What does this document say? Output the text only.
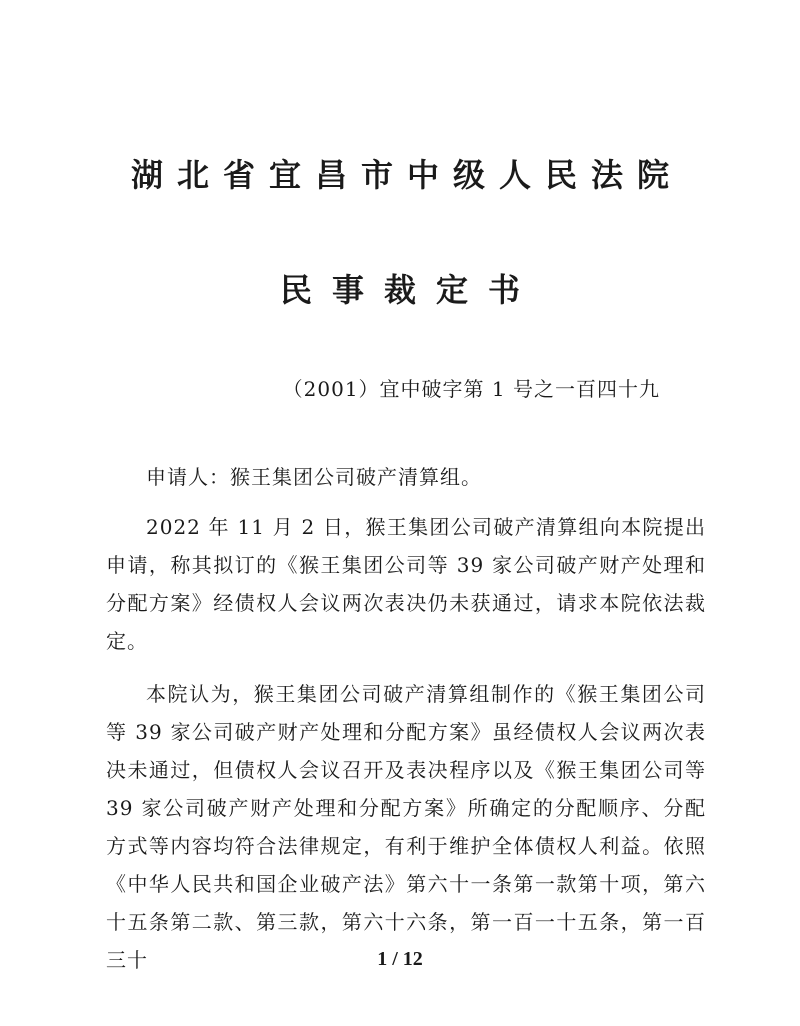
湖北省宜昌市中级人民法院
民事裁定书
（2001）宜中破字第 1 号之一百四十九

申请人：猴王集团公司破产清算组。

2022 年 11 月 2 日，猴王集团公司破产清算组向本院提出申请，称其拟订的《猴王集团公司等 39 家公司破产财产处理和分配方案》经债权人会议两次表决仍未获通过，请求本院依法裁定。

本院认为，猴王集团公司破产清算组制作的《猴王集团公司等 39 家公司破产财产处理和分配方案》虽经债权人会议两次表决未通过，但债权人会议召开及表决程序以及《猴王集团公司等 39 家公司破产财产处理和分配方案》所确定的分配顺序、分配方式等内容均符合法律规定，有利于维护全体债权人利益。依照《中华人民共和国企业破产法》第六十一条第一款第十项，第六十五条第二款、第三款，第六十六条，第一百一十五条，第一百三十	1 / 12
